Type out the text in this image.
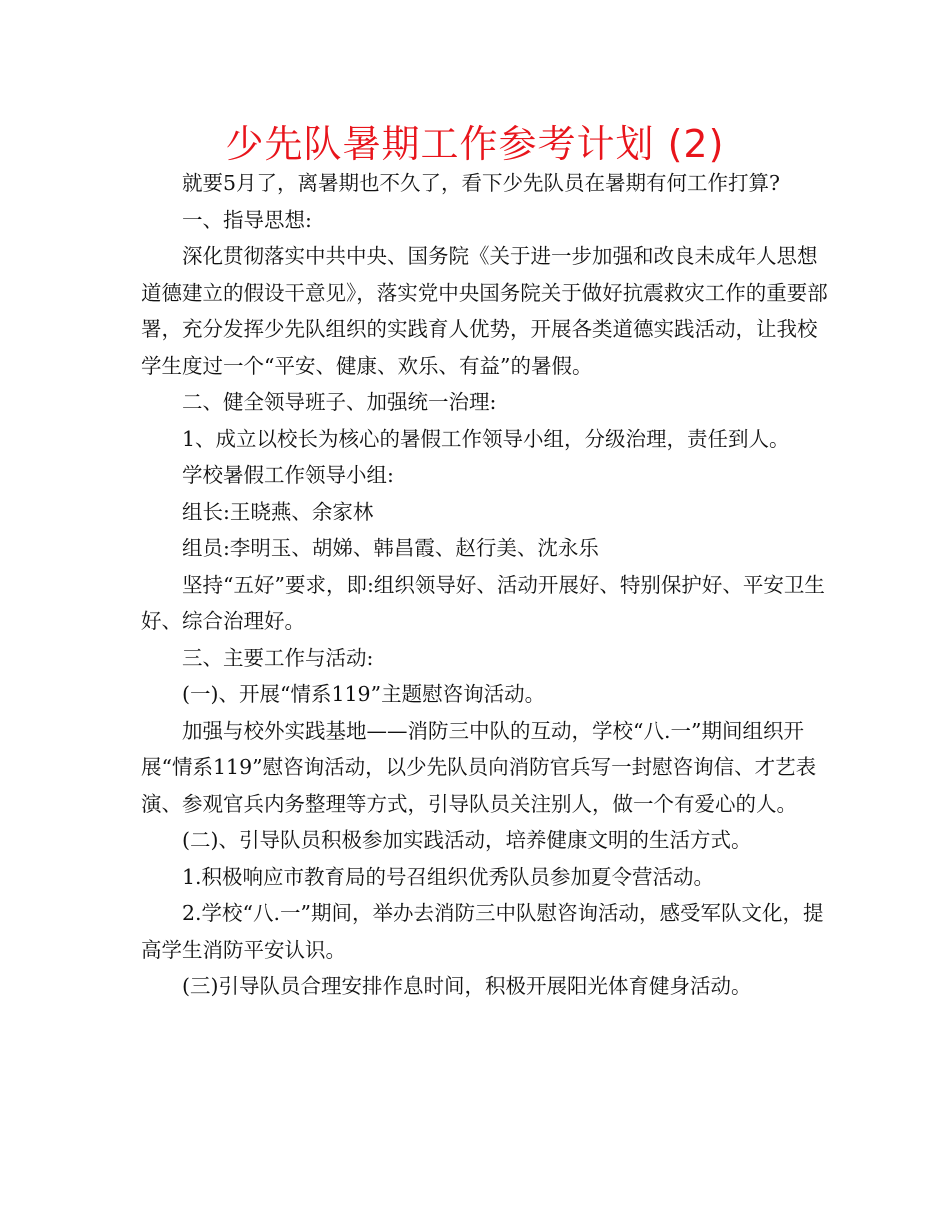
少先队暑期工作参考计划 (2)

就要5月了，离暑期也不久了，看下少先队员在暑期有何工作打算?

一、指导思想:

深化贯彻落实中共中央、国务院《关于进一步加强和改良未成年人思想道德建立的假设干意见》，落实党中央国务院关于做好抗震救灾工作的重要部署，充分发挥少先队组织的实践育人优势，开展各类道德实践活动，让我校学生度过一个“平安、健康、欢乐、有益”的暑假。

二、健全领导班子、加强统一治理:

1、成立以校长为核心的暑假工作领导小组，分级治理，责任到人。

学校暑假工作领导小组:

组长:王晓燕、余家林

组员:李明玉、胡娣、韩昌霞、赵行美、沈永乐

坚持“五好”要求，即:组织领导好、活动开展好、特别保护好、平安卫生好、综合治理好。

三、主要工作与活动:

(一)、开展“情系119”主题慰咨询活动。

加强与校外实践基地——消防三中队的互动，学校“八.一”期间组织开展“情系119”慰咨询活动，以少先队员向消防官兵写一封慰咨询信、才艺表演、参观官兵内务整理等方式，引导队员关注别人，做一个有爱心的人。

(二)、引导队员积极参加实践活动，培养健康文明的生活方式。

1.积极响应市教育局的号召组织优秀队员参加夏令营活动。

2.学校“八.一”期间，举办去消防三中队慰咨询活动，感受军队文化，提高学生消防平安认识。

(三)引导队员合理安排作息时间，积极开展阳光体育健身活动。
